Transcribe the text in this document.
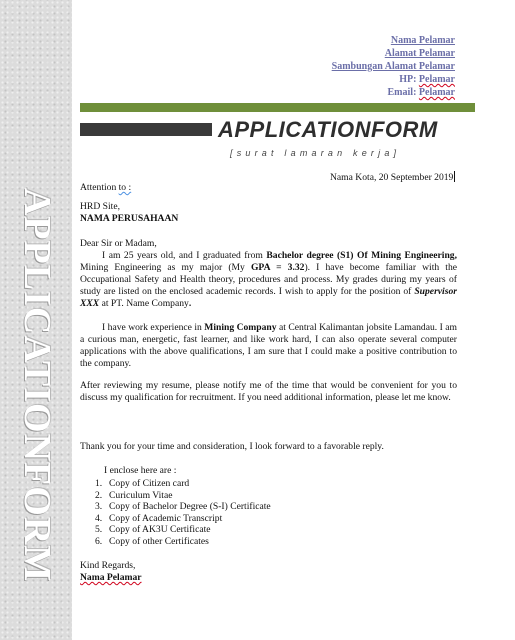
APPLICATIONFORM
Nama Pelamar
Alamat Pelamar
Sambungan Alamat Pelamar
HP: Pelamar
Email: Pelamar
APPLICATIONFORM
[surat lamaran kerja]
Nama Kota, 20 September 2019
Attention to :
HRD Site,
NAMA PERUSAHAAN
Dear Sir or Madam,
I am 25 years old, and I graduated from Bachelor degree (S1) Of Mining Engineering, Mining Engineering as my major (My GPA = 3.32). I have become familiar with the Occupational Safety and Health theory, procedures and process. My grades during my years of study are listed on the enclosed academic records. I wish to apply for the position of Supervisor XXX at PT. Name Company.
I have work experience in Mining Company at Central Kalimantan jobsite Lamandau. I am a curious man, energetic, fast learner, and like work hard, I can also operate several computer applications with the above qualifications, I am sure that I could make a positive contribution to the company.
After reviewing my resume, please notify me of the time that would be convenient for you to discuss my qualification for recruitment. If you need additional information, please let me know.
Thank you for your time and consideration, I look forward to a favorable reply.
I enclose here are :
1. Copy of Citizen card
2. Curiculum Vitae
3. Copy of Bachelor Degree (S-I) Certificate
4. Copy of Academic Transcript
5. Copy of AK3U Certificate
6. Copy of other Certificates
Kind Regards,
Nama Pelamar
